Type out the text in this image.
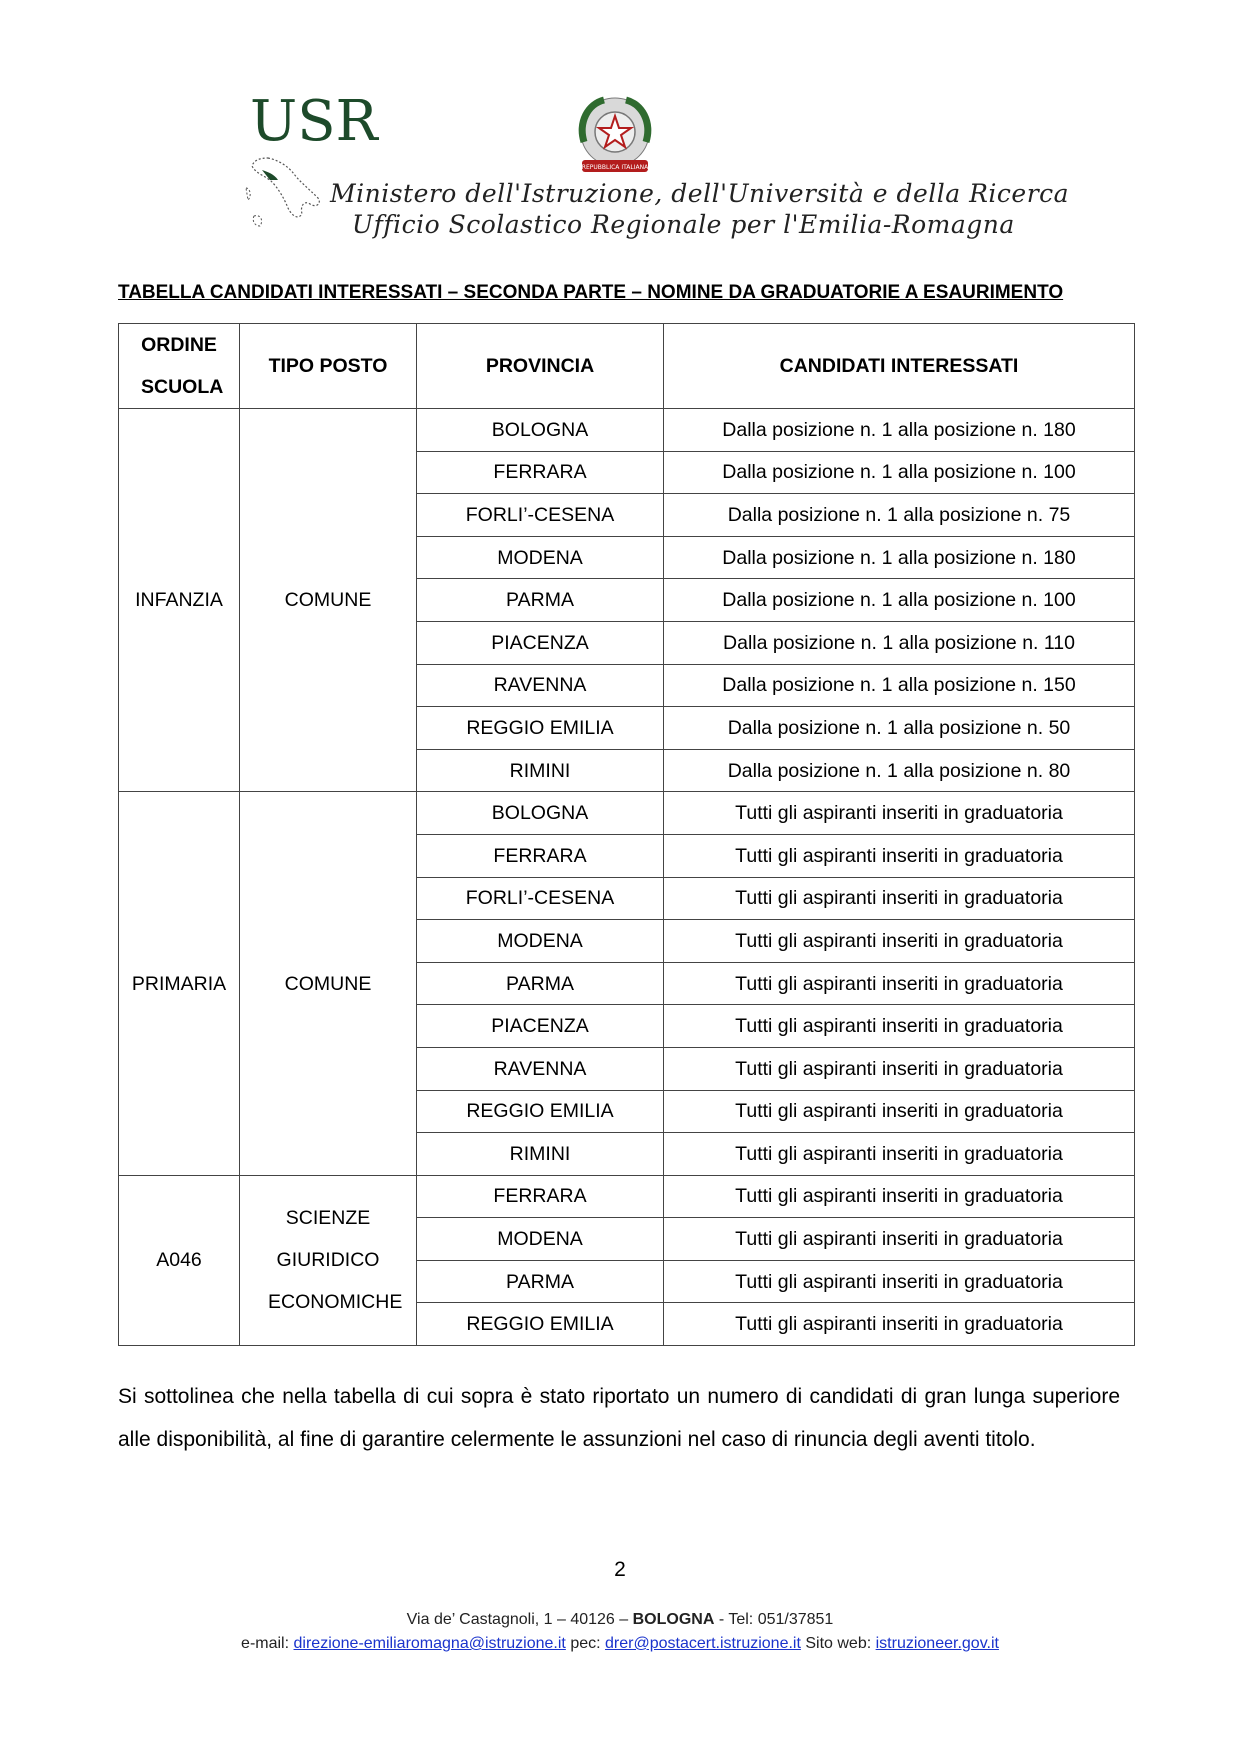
USR
REPUBBLICA ITALIANA
Ministero dell'Istruzione, dell'Università e della Ricerca
Ufficio Scolastico Regionale per l'Emilia-Romagna
TABELLA CANDIDATI INTERESSATI – SECONDA PARTE – NOMINE DA GRADUATORIE A ESAURIMENTO
ORDINE SCUOLA	TIPO POSTO	PROVINCIA	CANDIDATI INTERESSATI
INFANZIA	COMUNE	BOLOGNA	Dalla posizione n. 1 alla posizione n. 180
		FERRARA	Dalla posizione n. 1 alla posizione n. 100
		FORLI’-CESENA	Dalla posizione n. 1 alla posizione n. 75
		MODENA	Dalla posizione n. 1 alla posizione n. 180
		PARMA	Dalla posizione n. 1 alla posizione n. 100
		PIACENZA	Dalla posizione n. 1 alla posizione n. 110
		RAVENNA	Dalla posizione n. 1 alla posizione n. 150
		REGGIO EMILIA	Dalla posizione n. 1 alla posizione n. 50
		RIMINI	Dalla posizione n. 1 alla posizione n. 80
PRIMARIA	COMUNE	BOLOGNA	Tutti gli aspiranti inseriti in graduatoria
		FERRARA	Tutti gli aspiranti inseriti in graduatoria
		FORLI’-CESENA	Tutti gli aspiranti inseriti in graduatoria
		MODENA	Tutti gli aspiranti inseriti in graduatoria
		PARMA	Tutti gli aspiranti inseriti in graduatoria
		PIACENZA	Tutti gli aspiranti inseriti in graduatoria
		RAVENNA	Tutti gli aspiranti inseriti in graduatoria
		REGGIO EMILIA	Tutti gli aspiranti inseriti in graduatoria
		RIMINI	Tutti gli aspiranti inseriti in graduatoria
A046	SCIENZE GIURIDICO ECONOMICHE	FERRARA	Tutti gli aspiranti inseriti in graduatoria
		MODENA	Tutti gli aspiranti inseriti in graduatoria
		PARMA	Tutti gli aspiranti inseriti in graduatoria
		REGGIO EMILIA	Tutti gli aspiranti inseriti in graduatoria
Si sottolinea che nella tabella di cui sopra è stato riportato un numero di candidati di gran lunga superiore alle disponibilità, al fine di garantire celermente le assunzioni nel caso di rinuncia degli aventi titolo.
2
Via de’ Castagnoli, 1 – 40126 – BOLOGNA - Tel: 051/37851
e-mail: direzione-emiliaromagna@istruzione.it pec: drer@postacert.istruzione.it Sito web: istruzioneer.gov.it
